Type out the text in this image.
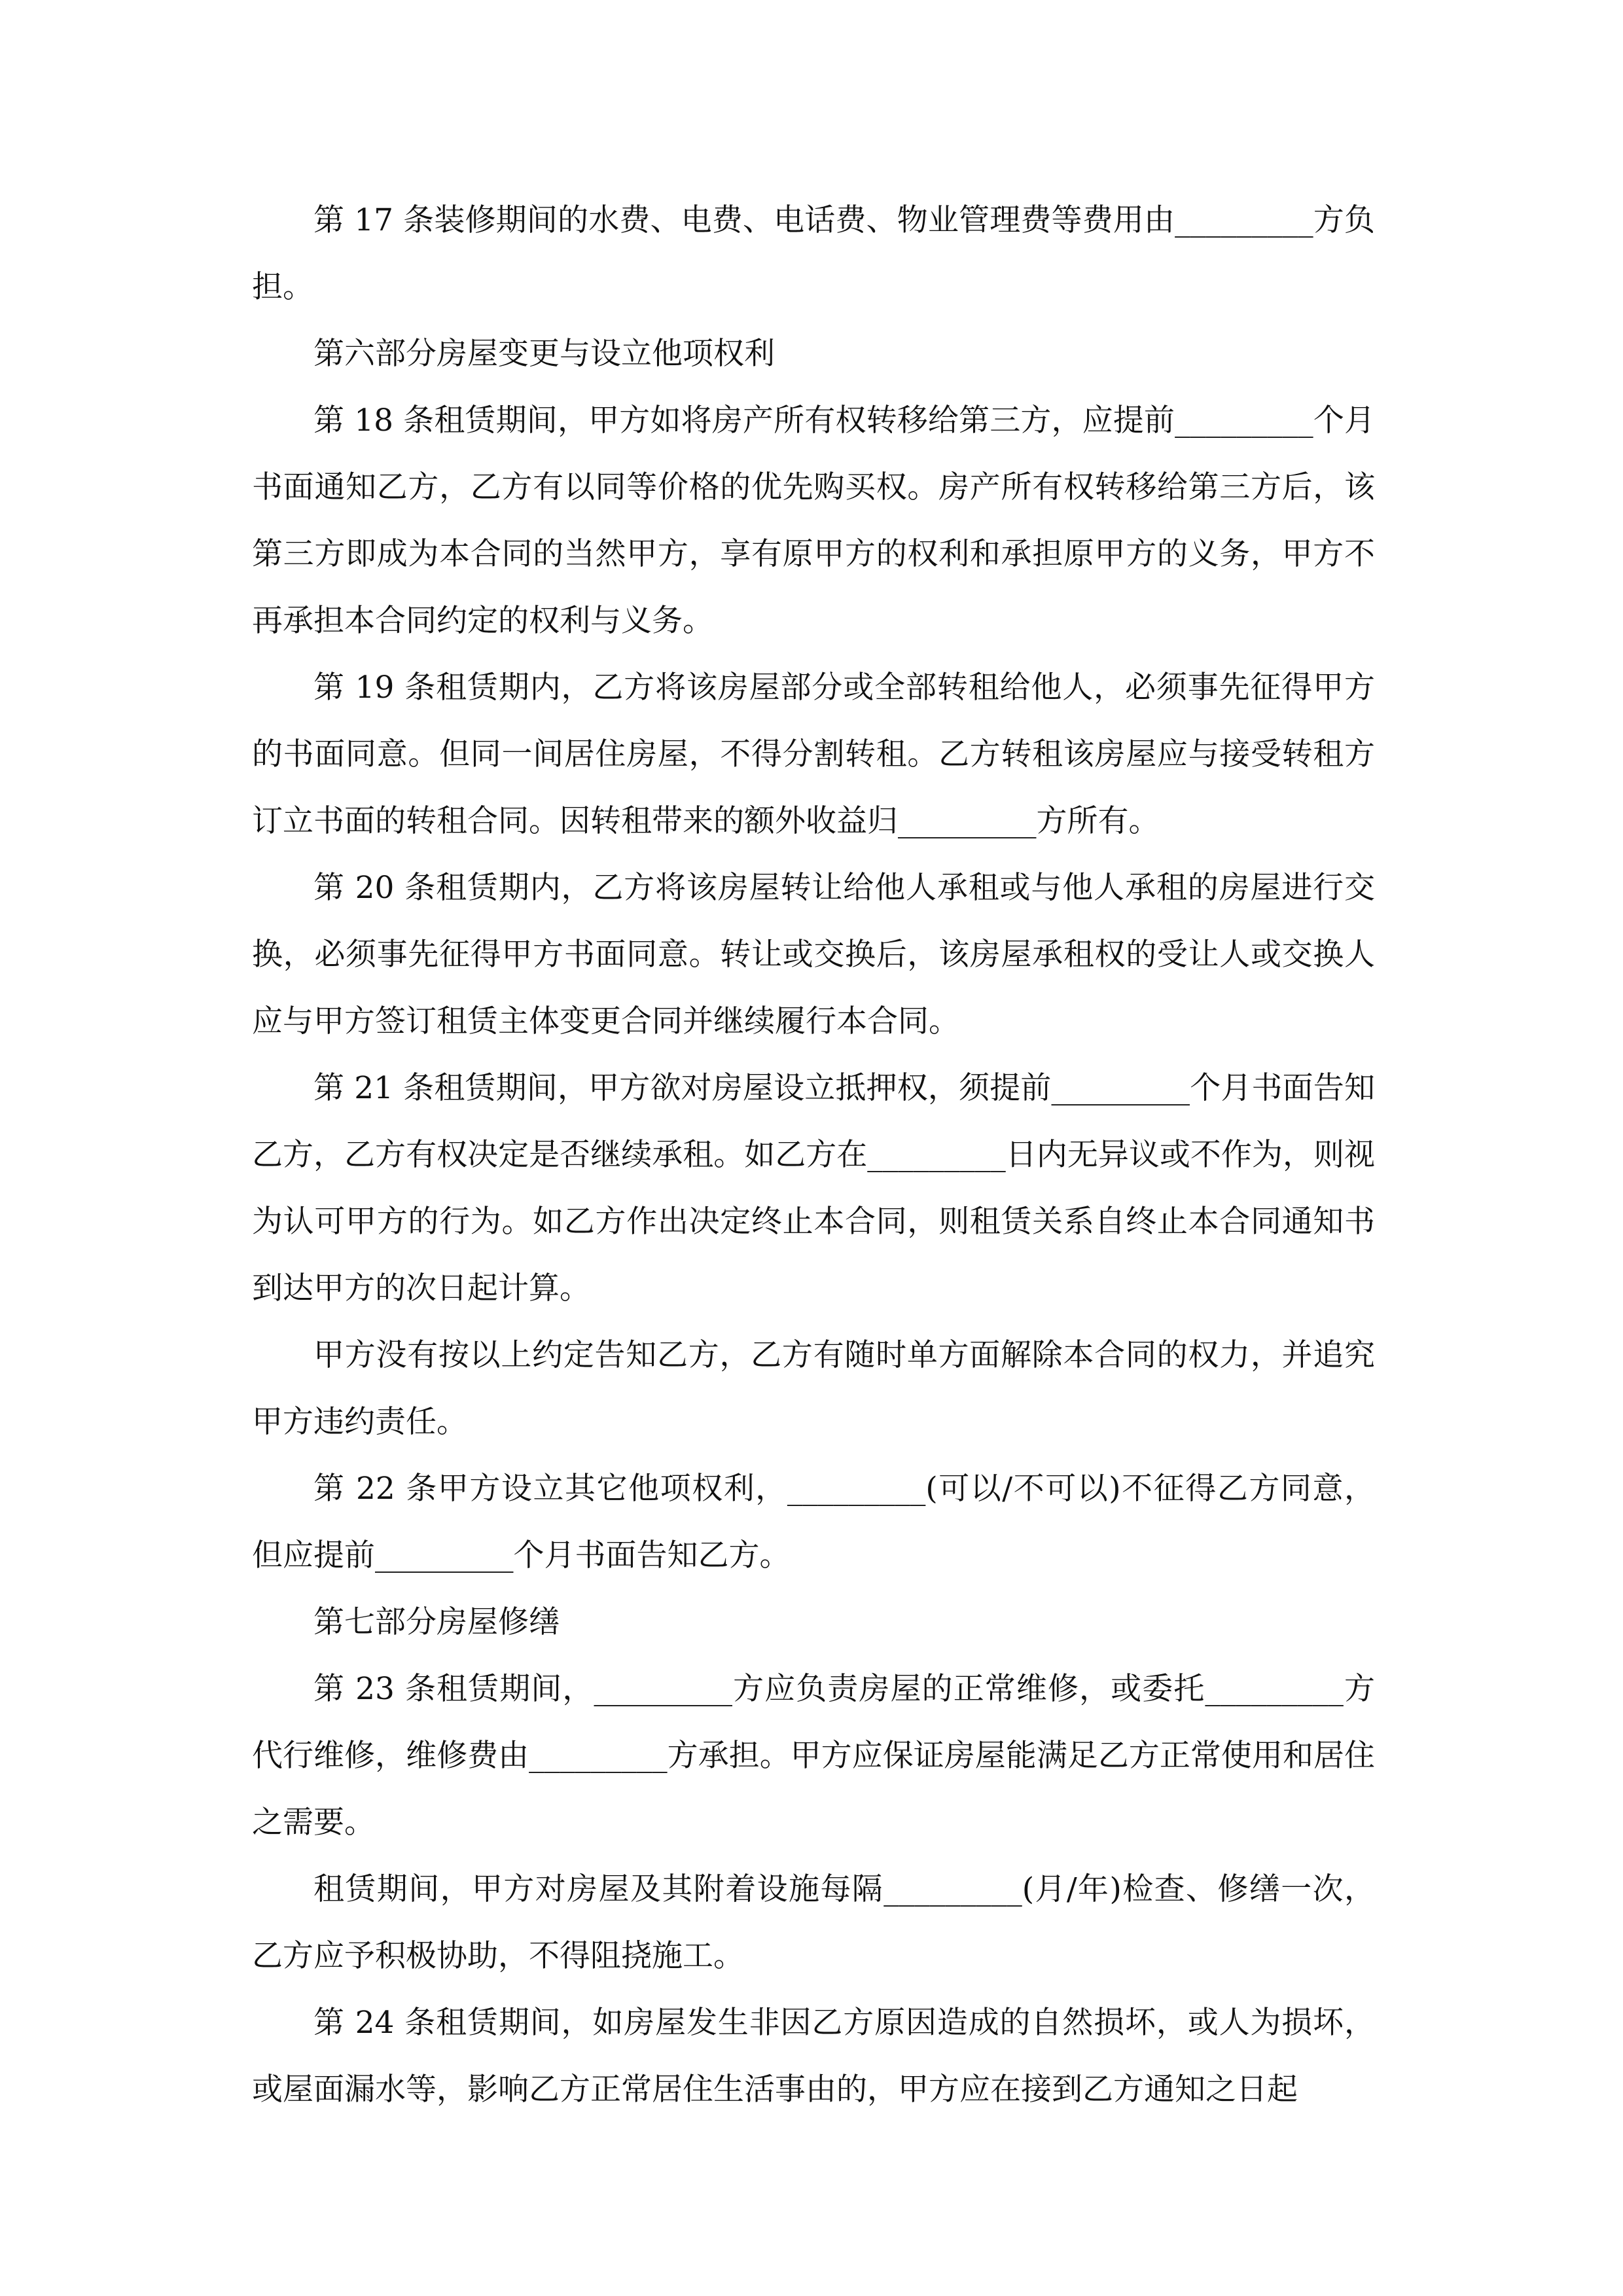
第 17 条装修期间的水费、电费、电话费、物业管理费等费用由_________方负担。

第六部分房屋变更与设立他项权利

第 18 条租赁期间，甲方如将房产所有权转移给第三方，应提前_________个月书面通知乙方，乙方有以同等价格的优先购买权。房产所有权转移给第三方后，该第三方即成为本合同的当然甲方，享有原甲方的权利和承担原甲方的义务，甲方不再承担本合同约定的权利与义务。

第 19 条租赁期内，乙方将该房屋部分或全部转租给他人，必须事先征得甲方的书面同意。但同一间居住房屋，不得分割转租。乙方转租该房屋应与接受转租方订立书面的转租合同。因转租带来的额外收益归_________方所有。

第 20 条租赁期内，乙方将该房屋转让给他人承租或与他人承租的房屋进行交换，必须事先征得甲方书面同意。转让或交换后，该房屋承租权的受让人或交换人应与甲方签订租赁主体变更合同并继续履行本合同。

第 21 条租赁期间，甲方欲对房屋设立抵押权，须提前_________个月书面告知乙方，乙方有权决定是否继续承租。如乙方在_________日内无异议或不作为，则视为认可甲方的行为。如乙方作出决定终止本合同，则租赁关系自终止本合同通知书到达甲方的次日起计算。

甲方没有按以上约定告知乙方，乙方有随时单方面解除本合同的权力，并追究甲方违约责任。

第 22 条甲方设立其它他项权利，_________(可以/不可以)不征得乙方同意，但应提前_________个月书面告知乙方。

第七部分房屋修缮

第 23 条租赁期间，_________方应负责房屋的正常维修，或委托_________方代行维修，维修费由_________方承担。甲方应保证房屋能满足乙方正常使用和居住之需要。

租赁期间，甲方对房屋及其附着设施每隔_________(月/年)检查、修缮一次，乙方应予积极协助，不得阻挠施工。

第 24 条租赁期间，如房屋发生非因乙方原因造成的自然损坏，或人为损坏，或屋面漏水等，影响乙方正常居住生活事由的，甲方应在接到乙方通知之日起
